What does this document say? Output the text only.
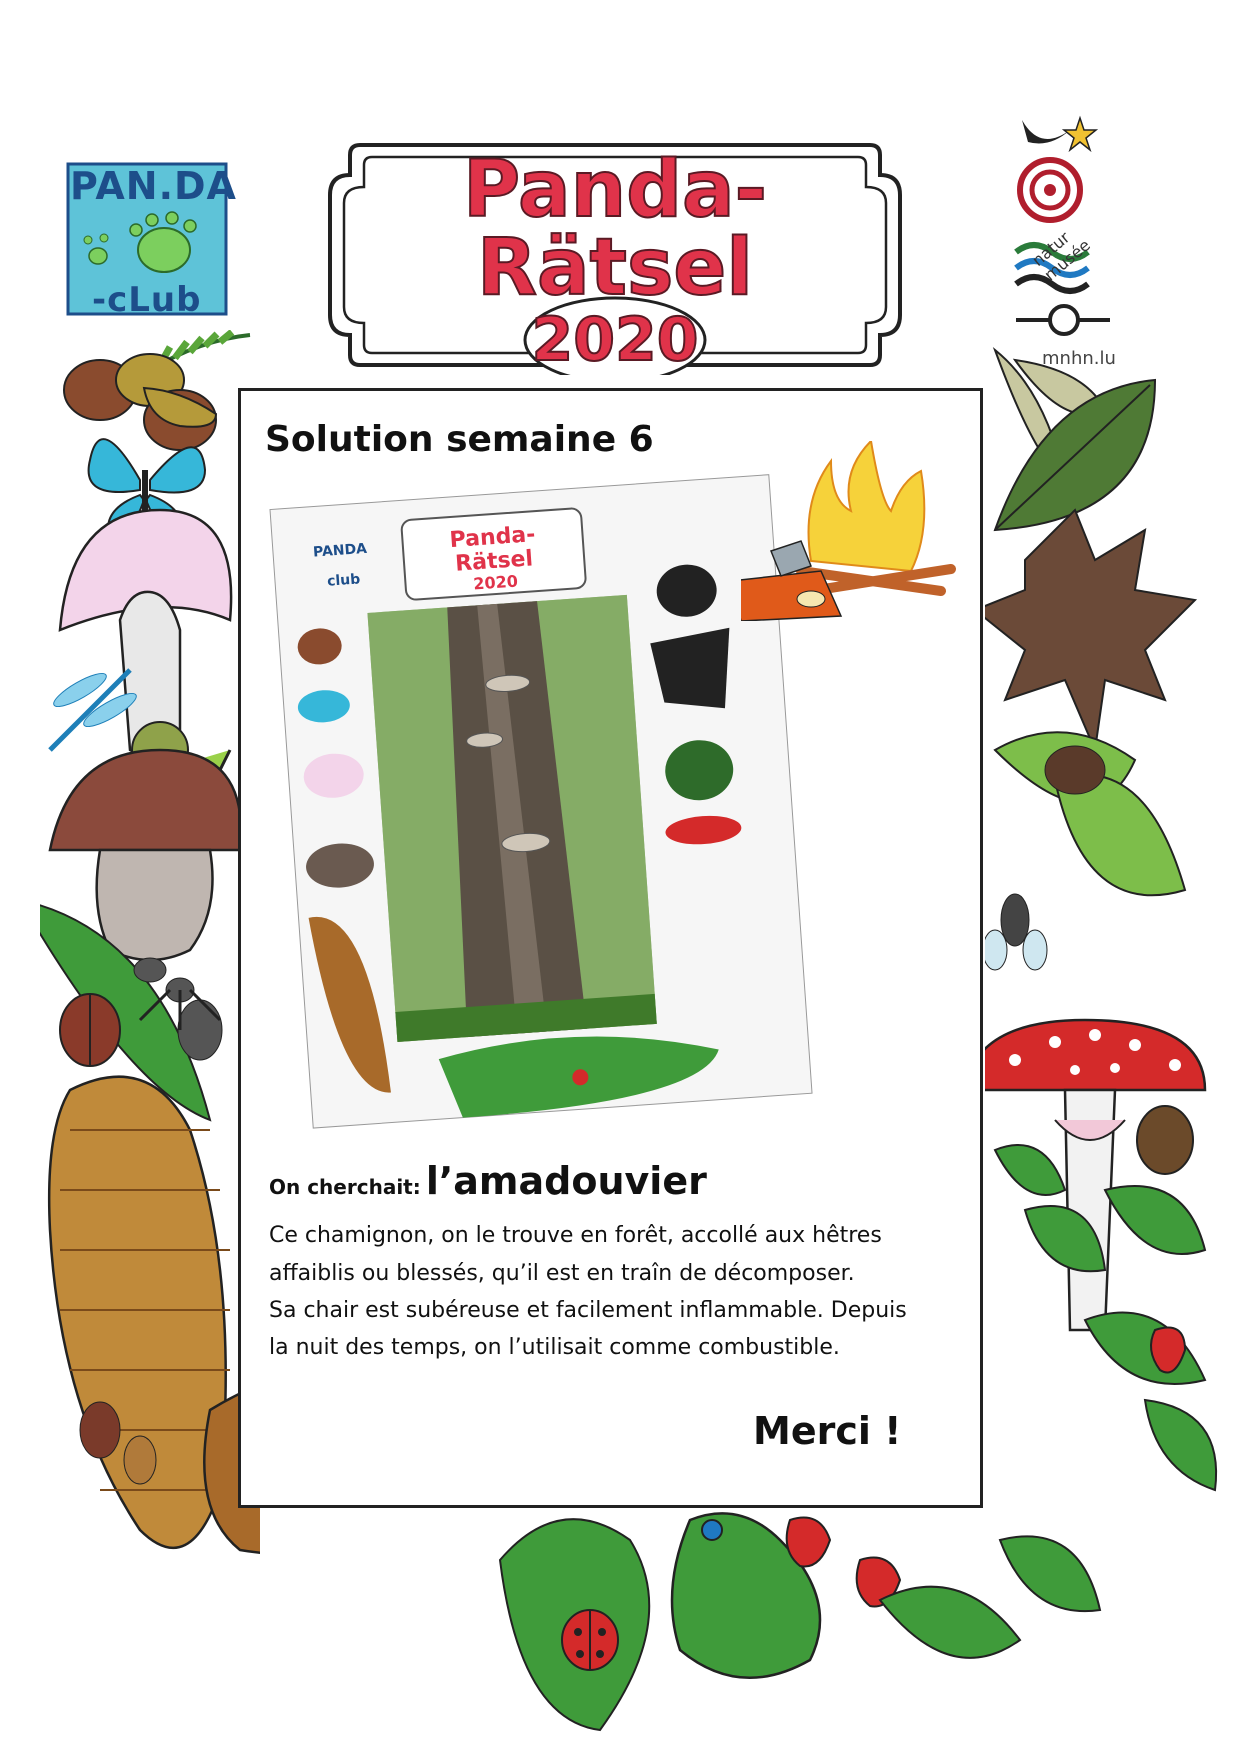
Panda-
Rätsel
2020
PAN.DA
-cLub
natur musée
mnhn.lu
Solution semaine 6
Panda-
Rätsel
2020
PANDA
club
On cherchait: l’amadouvier
Ce chamignon, on le trouve en forêt, accollé aux hêtres
affaiblis ou blessés, qu’il est en traîn de décomposer.
Sa chair est subéreuse et facilement inflammable. Depuis
la nuit des temps, on l’utilisait comme combustible.
Merci !
